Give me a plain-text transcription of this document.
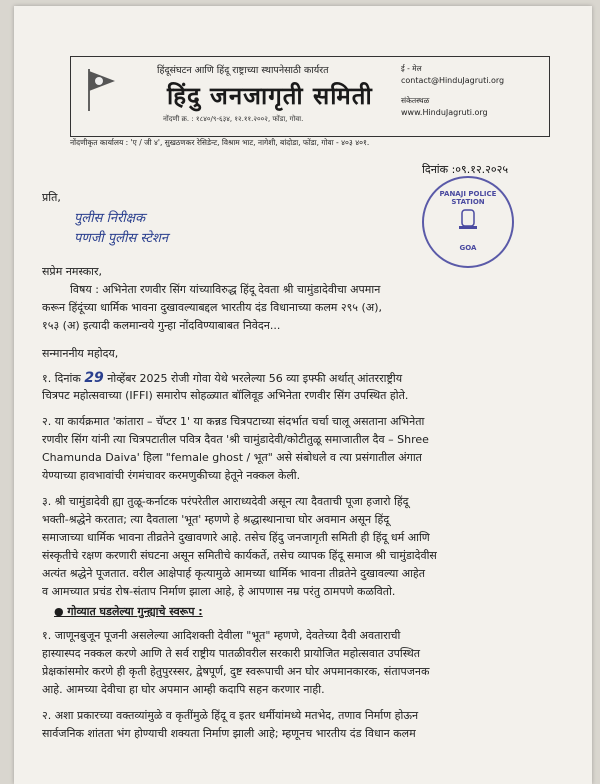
हिंदूसंघटन आणि हिंदू राष्ट्राच्या स्थापनेसाठी कार्यरत
हिंदु जनजागृती समिती
नोंदणी क्र. : १८४०/९-६३४, १२.११.२००२, फोंडा, गोवा.
ई - मेल
contact@HinduJagruti.org
संकेतस्थळ
www.HinduJagruti.org
नोंदणीकृत कार्यालय : 'ए / जी ४', सुखठणकर रेसिडेन्ट, विश्राम भाट, नागेशी, बांदोडा, फोंडा, गोवा - ४०३ ४०१.
दिनांक :०९.१२.२०२५
PANAJI POLICE STATION
GOA
प्रति,
पुलीस निरीक्षक
पणजी पुलीस स्टेशन
सप्रेम नमस्कार,
विषय : अभिनेता रणवीर सिंग यांच्याविरुद्ध हिंदू देवता श्री चामुंडादेवीचा अपमान
करून हिंदूंच्या धार्मिक भावना दुखावल्याबद्दल भारतीय दंड विधानाच्या कलम २९५ (अ),
१५३ (अ) इत्यादी कलमान्वये गुन्हा नोंदविण्याबाबत निवेदन...
सन्माननीय महोदय,
१. दिनांक 29 नोव्हेंबर 2025 रोजी गोवा येथे भरलेल्या 56 व्या इफ्फी अर्थात् आंतरराष्ट्रीय
चित्रपट महोत्सवाच्या (IFFI) समारोप सोहळ्यात बॉलिवूड अभिनेता रणवीर सिंग उपस्थित होते.
२. या कार्यक्रमात 'कांतारा – चॅप्टर 1' या कन्नड चित्रपटाच्या संदर्भात चर्चा चालू असताना अभिनेता
रणवीर सिंग यांनी त्या चित्रपटातील पवित्र दैवत 'श्री चामुंडादेवी/कोटीतुळू समाजातील दैव – Shree
Chamunda Daiva' हिला "female ghost / भूत" असे संबोधले व त्या प्रसंगातील अंगात
येण्याच्या हावभावांची रंगमंचावर करमणुकीच्या हेतूने नक्कल केली.
३. श्री चामुंडादेवी ह्या तुळू-कर्नाटक परंपरेतील आराध्यदेवी असून त्या दैवताची पूजा हजारो हिंदू
भक्ती-श्रद्धेने करतात; त्या दैवताला 'भूत' म्हणणे हे श्रद्धास्थानाचा घोर अवमान असून हिंदू
समाजाच्या धार्मिक भावना तीव्रतेने दुखावणारे आहे. तसेच हिंदु जनजागृती समिती ही हिंदू धर्म आणि
संस्कृतीचे रक्षण करणारी संघटना असून समितीचे कार्यकर्ते, तसेच व्यापक हिंदू समाज श्री चामुंडादेवीस
अत्यंत श्रद्धेने पूजतात. वरील आक्षेपार्ह कृत्यामुळे आमच्या धार्मिक भावना तीव्रतेने दुखावल्या आहेत
व आमच्यात प्रचंड रोष-संताप निर्माण झाला आहे, हे आपणास नम्र परंतु ठामपणे कळवितो.
● गोव्यात घडलेल्या गुन्ह्याचे स्वरूप :
१. जाणूनबुजून पूजनी असलेल्या आदिशक्ती देवीला "भूत" म्हणणे, देवतेच्या दैवी अवताराची
हास्यास्पद नक्कल करणे आणि ते सर्व राष्ट्रीय पातळीवरील सरकारी प्रायोजित महोत्सवात उपस्थित
प्रेक्षकांसमोर करणे ही कृती हेतुपुरस्सर, द्वेषपूर्ण, दुष्ट स्वरूपाची अन घोर अपमानकारक, संतापजनक
आहे. आमच्या देवीचा हा घोर अपमान आम्ही कदापि सहन करणार नाही.
२. अशा प्रकारच्या वक्तव्यांमुळे व कृतींमुळे हिंदू व इतर धर्मीयांमध्ये मतभेद, तणाव निर्माण होऊन
सार्वजनिक शांतता भंग होण्याची शक्यता निर्माण झाली आहे; म्हणूनच भारतीय दंड विधान कलम
